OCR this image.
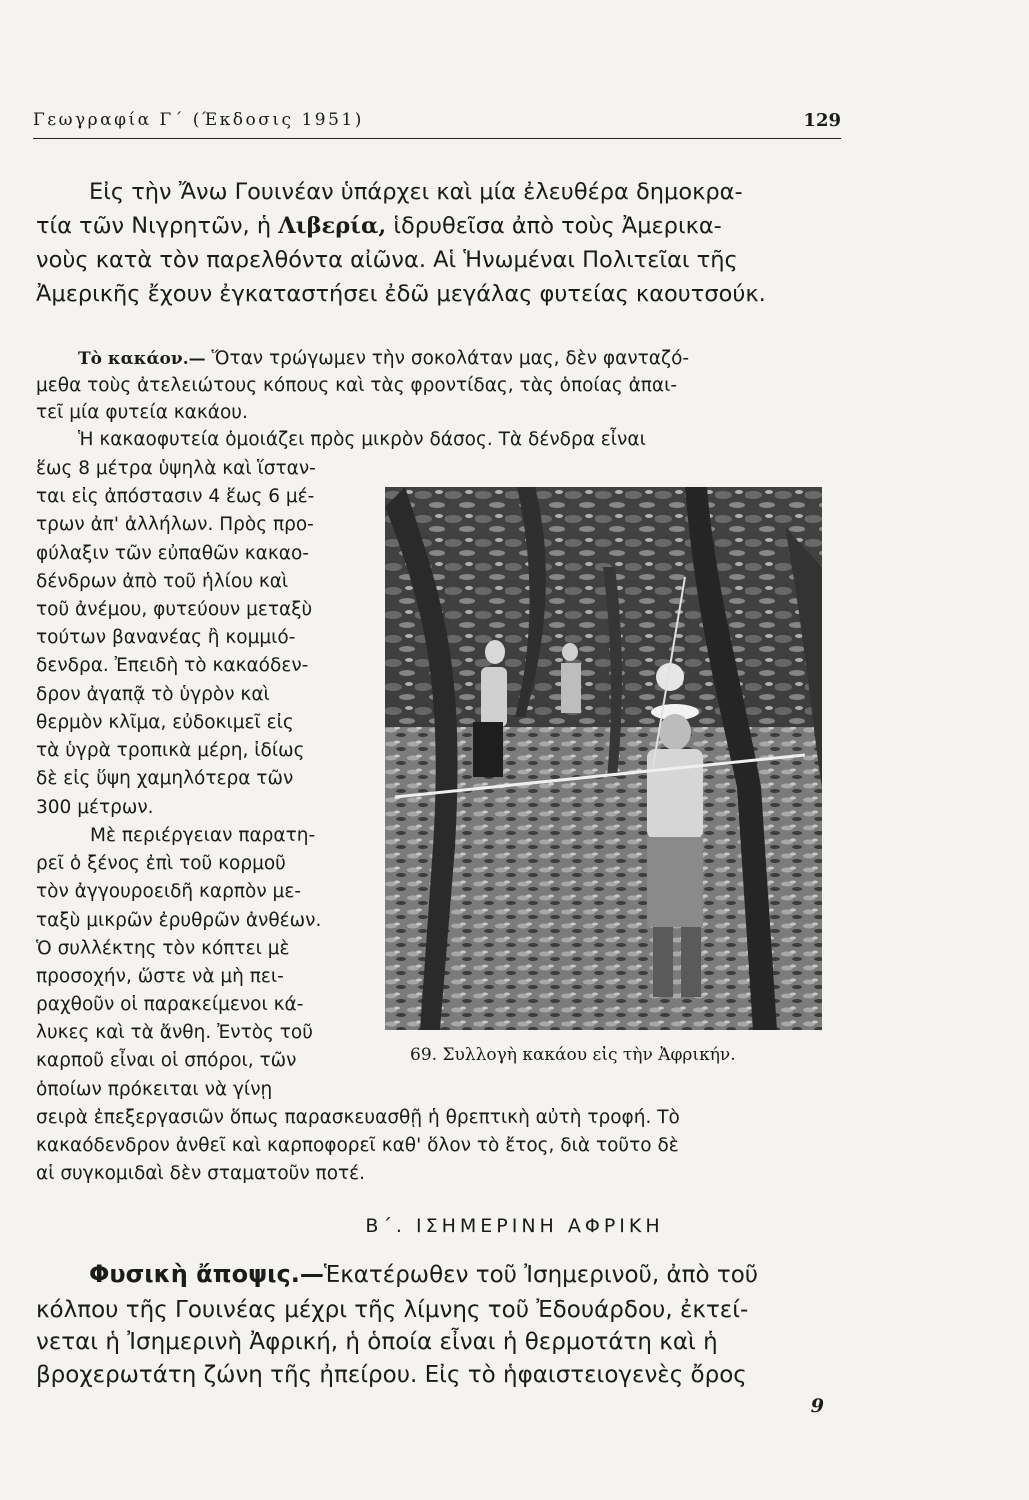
Γεωγραφία Γ΄ (Έκδοσις 1951)	129
Εἰς τὴν Ἄνω Γουινέαν ὑπάρχει καὶ μία ἐλευθέρα δημοκρα-
τία τῶν Νιγρητῶν, ἡ Λιβερία, ἱδρυθεῖσα ἀπὸ τοὺς Ἀμερικα-
νοὺς κατὰ τὸν παρελθόντα αἰῶνα. Αἱ Ἡνωμέναι Πολιτεῖαι τῆς
Ἀμερικῆς ἔχουν ἐγκαταστήσει ἐδῶ μεγάλας φυτείας καουτσούκ.
Τὸ κακάον.— Ὅταν τρώγωμεν τὴν σοκολάταν μας, δὲν φανταζό-
μεθα τοὺς ἀτελειώτους κόπους καὶ τὰς φροντίδας, τὰς ὁποίας ἀπαι-
τεῖ μία φυτεία κακάου.
Ἡ κακαοφυτεία ὁμοιάζει πρὸς μικρὸν δάσος. Τὰ δένδρα εἶναι
ἕως 8 μέτρα ὑψηλὰ καὶ ἵσταν-
ται εἰς ἀπόστασιν 4 ἕως 6 μέ-
τρων ἀπ' ἀλλήλων. Πρὸς προ-
φύλαξιν τῶν εὐπαθῶν κακαο-
δένδρων ἀπὸ τοῦ ἡλίου καὶ
τοῦ ἀνέμου, φυτεύουν μεταξὺ
τούτων βανανέας ἢ κομμιό-
δενδρα. Ἐπειδὴ τὸ κακαόδεν-
δρον ἀγαπᾷ τὸ ὑγρὸν καὶ
θερμὸν κλῖμα, εὐδοκιμεῖ εἰς
τὰ ὑγρὰ τροπικὰ μέρη, ἰδίως
δὲ εἰς ὕψη χαμηλότερα τῶν
300 μέτρων.
Μὲ περιέργειαν παρατη-
ρεῖ ὁ ξένος ἐπὶ τοῦ κορμοῦ
τὸν ἀγγουροειδῆ καρπὸν με-
ταξὺ μικρῶν ἐρυθρῶν ἀνθέων.
Ὁ συλλέκτης τὸν κόπτει μὲ
προσοχήν, ὥστε νὰ μὴ πει-
ραχθοῦν οἱ παρακείμενοι κά-
λυκες καὶ τὰ ἄνθη. Ἐντὸς τοῦ
καρποῦ εἶναι οἱ σπόροι, τῶν
ὁποίων πρόκειται νὰ γίνῃ
σειρὰ ἐπεξεργασιῶν ὅπως παρασκευασθῇ ἡ θρεπτικὴ αὐτὴ τροφή. Τὸ
κακαόδενδρον ἀνθεῖ καὶ καρποφορεῖ καθ' ὅλον τὸ ἔτος, διὰ τοῦτο δὲ
αἱ συγκομιδαὶ δὲν σταματοῦν ποτέ.
69. Συλλογὴ κακάου εἰς τὴν Ἀφρικήν.
Β΄. ΙΣΗΜΕΡΙΝΗ ΑΦΡΙΚΗ
Φυσικὴ ἄποψις.—Ἑκατέρωθεν τοῦ Ἰσημερινοῦ, ἀπὸ τοῦ
κόλπου τῆς Γουινέας μέχρι τῆς λίμνης τοῦ Ἐδουάρδου, ἐκτεί-
νεται ἡ Ἰσημερινὴ Ἀφρική, ἡ ὁποία εἶναι ἡ θερμοτάτη καὶ ἡ
βροχερωτάτη ζώνη τῆς ἠπείρου. Εἰς τὸ ἡφαιστειογενὲς ὄρος
9
